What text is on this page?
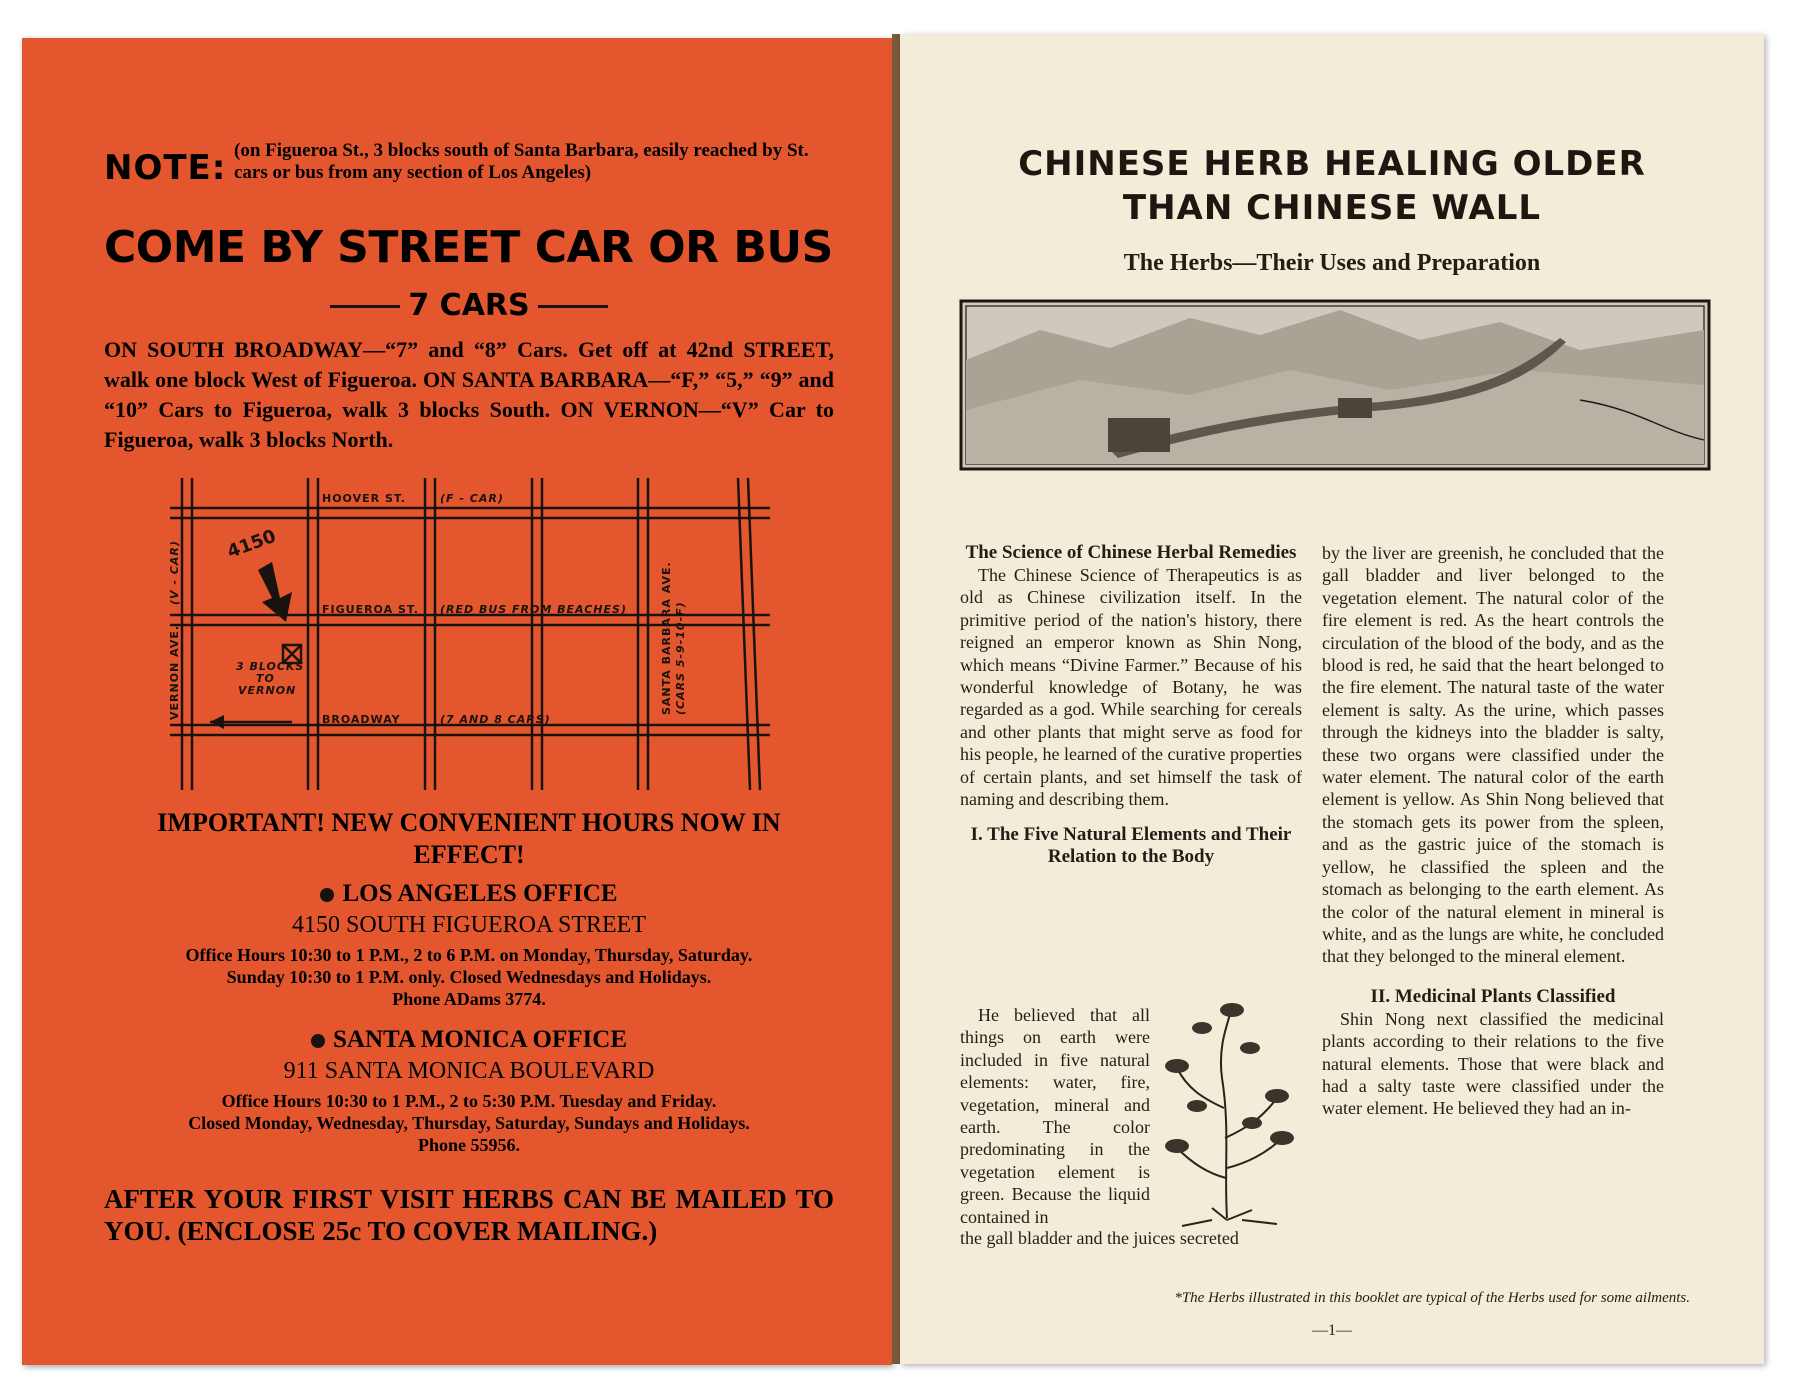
NOTE: (on Figueroa St., 3 blocks south of Santa Barbara, easily reached by St. cars or bus from any section of Los Angeles)
COME BY STREET CAR OR BUS
7 CARS
ON SOUTH BROADWAY—“7” and “8” Cars. Get off at 42nd STREET, walk one block West of Figueroa. ON SANTA BARBARA—“F,” “5,” “9” and “10” Cars to Figueroa, walk 3 blocks South. ON VERNON—“V” Car to Figueroa, walk 3 blocks North.
HOOVER ST.	(F - CAR)
FIGUEROA ST. (RED BUS FROM BEACHES)
BROADWAY	(7 AND 8 CARS)
3 BLOCKS
TO
VERNON
(V - CAR)
VERNON AVE.	SANTA BARBARA AVE. (CARS 5-9-10-F)
4150
IMPORTANT! NEW CONVENIENT HOURS NOW IN EFFECT!
LOS ANGELES OFFICE
4150 SOUTH FIGUEROA STREET
Office Hours 10:30 to 1 P.M., 2 to 6 P.M. on Monday, Thursday, Saturday.
Sunday 10:30 to 1 P.M. only. Closed Wednesdays and Holidays.
Phone ADams 3774.
SANTA MONICA OFFICE
911 SANTA MONICA BOULEVARD
Office Hours 10:30 to 1 P.M., 2 to 5:30 P.M. Tuesday and Friday.
Closed Monday, Wednesday, Thursday, Saturday, Sundays and Holidays.
Phone 55956.
AFTER YOUR FIRST VISIT HERBS CAN BE MAILED TO YOU. (ENCLOSE 25c TO COVER MAILING.)
CHINESE HERB HEALING OLDER
THAN CHINESE WALL
The Herbs—Their Uses and Preparation
The Science of Chinese Herbal Remedies

The Chinese Science of Therapeutics is as old as Chinese civilization itself. In the primitive period of the nation's history, there reigned an emperor known as Shin Nong, which means “Divine Farmer.” Because of his wonderful knowledge of Botany, he was regarded as a god. While searching for cereals and other plants that might serve as food for his people, he learned of the curative properties of certain plants, and set himself the task of naming and describing them.

I. The Five Natural Elements and Their Relation to the Body

He believed that all things on earth were included in five natural elements: water, fire, vegetation, mineral and earth. The color predominating in the vegetation element is green. Because the liquid contained in

the gall bladder and the juices secreted

by the liver are greenish, he concluded that the gall bladder and liver belonged to the vegetation element. The natural color of the fire element is red. As the heart controls the circulation of the blood of the body, and as the blood is red, he said that the heart belonged to the fire element. The natural taste of the water element is salty. As the urine, which passes through the kidneys into the bladder is salty, these two organs were classified under the water element. The natural color of the earth element is yellow. As Shin Nong believed that the stomach gets its power from the spleen, and as the gastric juice of the stomach is yellow, he classified the spleen and the stomach as belonging to the earth element. As the color of the natural element in mineral is white, and as the lungs are white, he concluded that they belonged to the mineral element.

II. Medicinal Plants Classified

Shin Nong next classified the medicinal plants according to their relations to the five natural elements. Those that were black and had a salty taste were classified under the water element. He believed they had an in-

*The Herbs illustrated in this booklet are typical of the Herbs used for some ailments.
—1—
